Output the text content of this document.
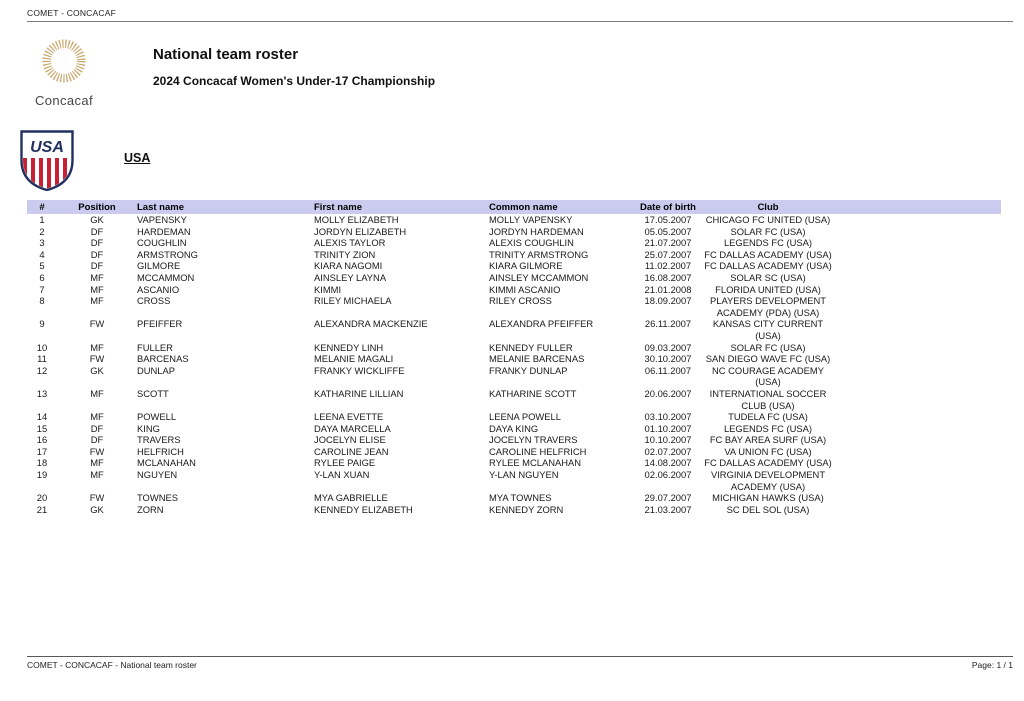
COMET - CONCACAF
Concacaf
National team roster
2024 Concacaf Women's Under-17 Championship
USA
USA
#	Position	Last name	First name	Common name	Date of birth	Club	
1	GK	VAPENSKY	MOLLY ELIZABETH	MOLLY VAPENSKY	17.05.2007	CHICAGO FC UNITED (USA)	
2	DF	HARDEMAN	JORDYN ELIZABETH	JORDYN HARDEMAN	05.05.2007	SOLAR FC (USA)	
3	DF	COUGHLIN	ALEXIS TAYLOR	ALEXIS COUGHLIN	21.07.2007	LEGENDS FC (USA)	
4	DF	ARMSTRONG	TRINITY ZION	TRINITY ARMSTRONG	25.07.2007	FC DALLAS ACADEMY (USA)	
5	DF	GILMORE	KIARA NAGOMI	KIARA GILMORE	11.02.2007	FC DALLAS ACADEMY (USA)	
6	MF	MCCAMMON	AINSLEY LAYNA	AINSLEY MCCAMMON	16.08.2007	SOLAR SC (USA)	
7	MF	ASCANIO	KIMMI	KIMMI ASCANIO	21.01.2008	FLORIDA UNITED (USA)	
8	MF	CROSS	RILEY MICHAELA	RILEY CROSS	18.09.2007	PLAYERS DEVELOPMENT ACADEMY (PDA) (USA)	
9	FW	PFEIFFER	ALEXANDRA MACKENZIE	ALEXANDRA PFEIFFER	26.11.2007	KANSAS CITY CURRENT (USA)	
10	MF	FULLER	KENNEDY LINH	KENNEDY FULLER	09.03.2007	SOLAR FC (USA)	
11	FW	BARCENAS	MELANIE MAGALI	MELANIE BARCENAS	30.10.2007	SAN DIEGO WAVE FC (USA)	
12	GK	DUNLAP	FRANKY WICKLIFFE	FRANKY DUNLAP	06.11.2007	NC COURAGE ACADEMY (USA)	
13	MF	SCOTT	KATHARINE LILLIAN	KATHARINE SCOTT	20.06.2007	INTERNATIONAL SOCCER CLUB (USA)	
14	MF	POWELL	LEENA EVETTE	LEENA POWELL	03.10.2007	TUDELA FC (USA)	
15	DF	KING	DAYA MARCELLA	DAYA KING	01.10.2007	LEGENDS FC (USA)	
16	DF	TRAVERS	JOCELYN ELISE	JOCELYN TRAVERS	10.10.2007	FC BAY AREA SURF (USA)	
17	FW	HELFRICH	CAROLINE JEAN	CAROLINE HELFRICH	02.07.2007	VA UNION FC (USA)	
18	MF	MCLANAHAN	RYLEE PAIGE	RYLEE MCLANAHAN	14.08.2007	FC DALLAS ACADEMY (USA)	
19	MF	NGUYEN	Y-LAN XUAN	Y-LAN NGUYEN	02.06.2007	VIRGINIA DEVELOPMENT ACADEMY (USA)	
20	FW	TOWNES	MYA GABRIELLE	MYA TOWNES	29.07.2007	MICHIGAN HAWKS (USA)	
21	GK	ZORN	KENNEDY ELIZABETH	KENNEDY ZORN	21.03.2007	SC DEL SOL (USA)	
COMET - CONCACAF - National team roster	Page: 1 / 1
